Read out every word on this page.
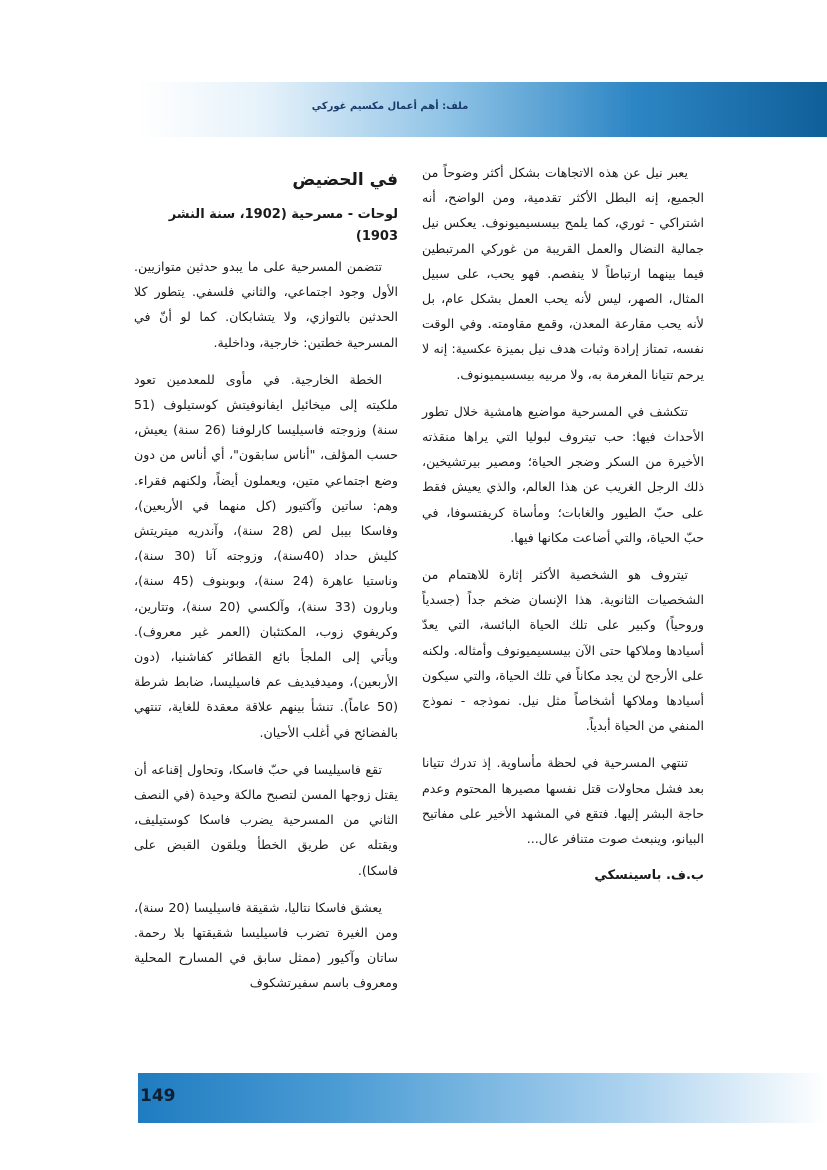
ملف: أهم أعمال مكسيم غوركي

يعبر نيل عن هذه الاتجاهات بشكل أكثر وضوحاً من الجميع، إنه البطل الأكثر تقدمية، ومن الواضح، أنه اشتراكي - ثوري، كما يلمح بيسسيميونوف. يعكس نيل جمالية النضال والعمل القريبة من غوركي المرتبطين فيما بينهما ارتباطاً لا ينفصم. فهو يحب، على سبيل المثال، الصهر، ليس لأنه يحب العمل بشكل عام، بل لأنه يحب مقارعة المعدن، وقمع مقاومته. وفي الوقت نفسه، تمتاز إرادة وثبات هدف نيل بميزة عكسية: إنه لا يرحم تتيانا المغرمة به، ولا مربيه بيسسيميونوف.

تتكشف في المسرحية مواضيع هامشية خلال تطور الأحداث فيها: حب تيتروف لبوليا التي يراها منقذته الأخيرة من السكر وضجر الحياة؛ ومصير بيرتشيخين، ذلك الرجل الغريب عن هذا العالم، والذي يعيش فقط على حبّ الطيور والغابات؛ ومأساة كريفتسوفا، في حبّ الحياة، والتي أضاعت مكانها فيها.

تيتروف هو الشخصية الأكثر إثارة للاهتمام من الشخصيات الثانوية. هذا الإنسان ضخم جداً (جسدياً وروحياً) وكبير على تلك الحياة البائسة، التي يعدّ أسيادها وملاكها حتى الآن بيسسيميونوف وأمثاله. ولكنه على الأرجح لن يجد مكاناً في تلك الحياة، والتي سيكون أسيادها وملاكها أشخاصاً مثل نيل. نموذجه - نموذج المنفي من الحياة أبدياً.

تنتهي المسرحية في لحظة مأساوية. إذ تدرك تتيانا بعد فشل محاولات قتل نفسها مصيرها المحتوم وعدم حاجة البشر إليها. فتقع في المشهد الأخير على مفاتيح البيانو، وينبعث صوت متنافر عال...

ب.ف. باسينسكي
في الحضيض
لوحات - مسرحية (1902، سنة النشر 1903)

تتضمن المسرحية على ما يبدو حدثين متوازيين. الأول وجود اجتماعي، والثاني فلسفي. يتطور كلا الحدثين بالتوازي، ولا يتشابكان. كما لو أنّ في المسرحية خطتين: خارجية، وداخلية.

الخطة الخارجية. في مأوى للمعدمين تعود ملكيته إلى ميخائيل ايفانوفيتش كوستيلوف (51 سنة) وزوجته فاسيليسا كارلوفنا (26 سنة) يعيش، حسب المؤلف، "أناس سابقون"، أي أناس من دون وضع اجتماعي متين، ويعملون أيضاً، ولكنهم فقراء. وهم: ساتين وآكتيور (كل منهما في الأربعين)، وفاسكا بيبل لص (28 سنة)، وآندريه ميتريتش كليش حداد (40سنة)، وزوجته آنا (30 سنة)، وناستيا عاهرة (24 سنة)، وبوبنوف (45 سنة)، وبارون (33 سنة)، وآلكسي (20 سنة)، وتتارين، وكريفوي زوب، المكتئبان (العمر غير معروف). ويأتي إلى الملجأ بائع القطائر كفاشنيا، (دون الأربعين)، وميدفيديف عم فاسيليسا، ضابط شرطة (50 عاماً). تنشأ بينهم علاقة معقدة للغاية، تنتهي بالفضائح في أغلب الأحيان.

تقع فاسيليسا في حبّ فاسكا، وتحاول إقناعه أن يقتل زوجها المسن لتصبح مالكة وحيدة (في النصف الثاني من المسرحية يضرب فاسكا كوستيليف، ويقتله عن طريق الخطأ ويلقون القبض على فاسكا).

يعشق فاسكا نتاليا، شقيقة فاسيليسا (20 سنة)، ومن الغيرة تضرب فاسيليسا شقيقتها بلا رحمة. ساتان وآكيور (ممثل سابق في المسارح المحلية ومعروف باسم سفيرتشكوف

149
